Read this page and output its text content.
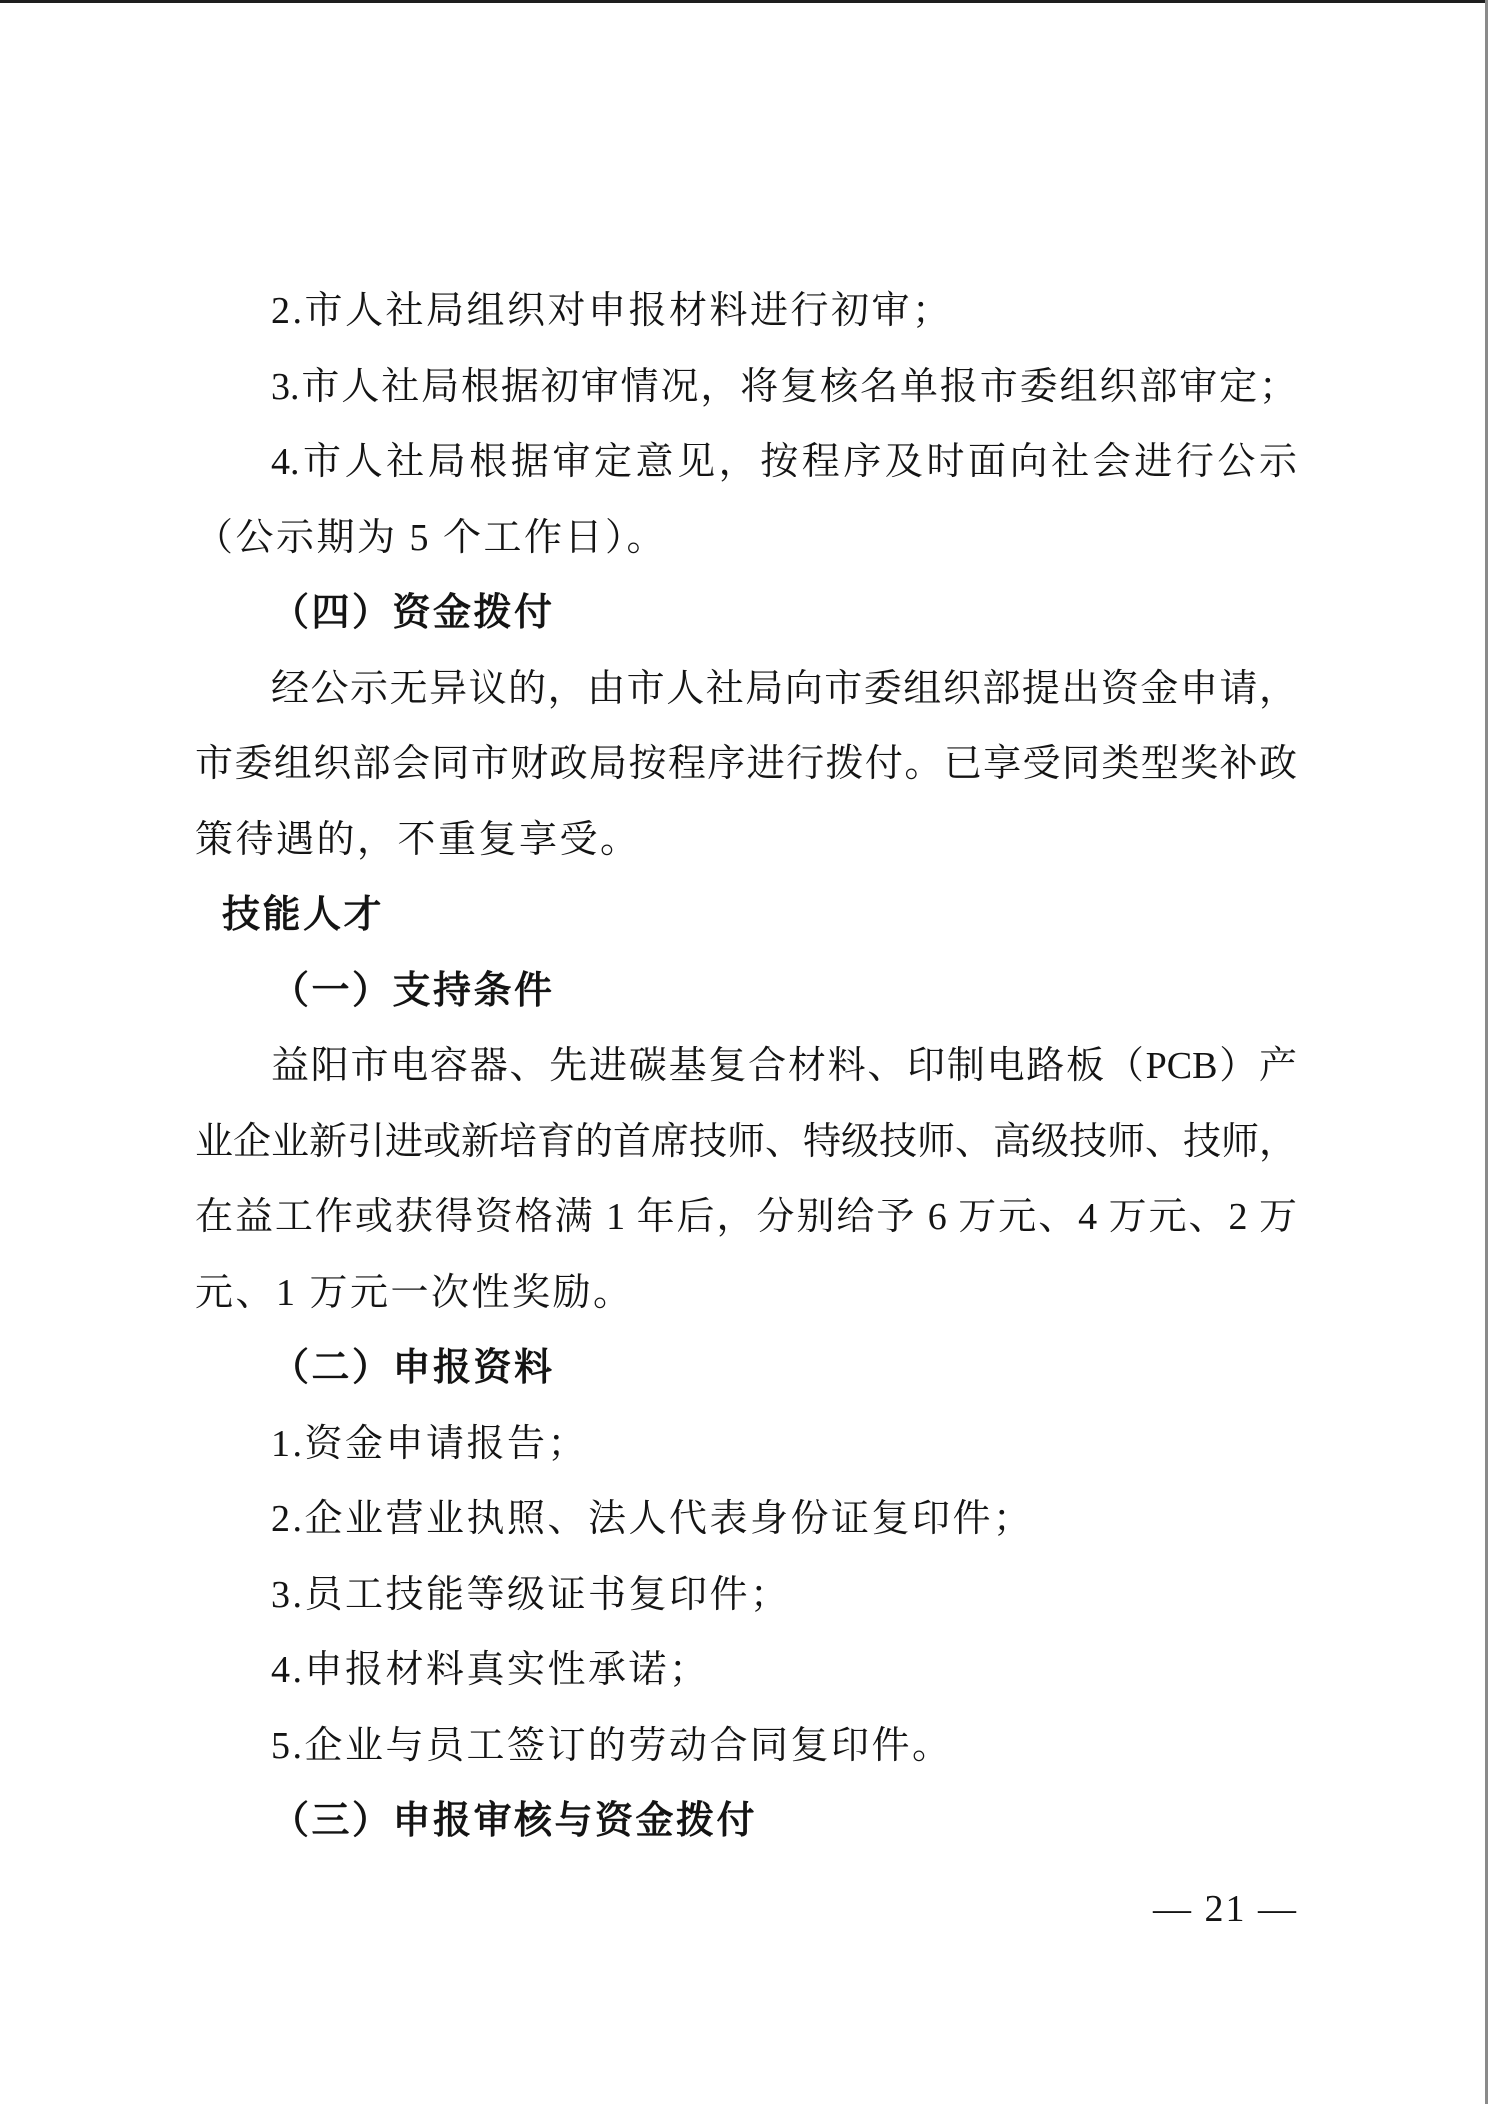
2.市人社局组织对申报材料进行初审；
3.市人社局根据初审情况，将复核名单报市委组织部审定；
4.市人社局根据审定意见，按程序及时面向社会进行公示
（公示期为 5 个工作日）。
（四）资金拨付
经公示无异议的，由市人社局向市委组织部提出资金申请，
市委组织部会同市财政局按程序进行拨付。已享受同类型奖补政
策待遇的，不重复享受。
技能人才
（一）支持条件
益阳市电容器、先进碳基复合材料、印制电路板（PCB）产
业企业新引进或新培育的首席技师、特级技师、高级技师、技师，
在益工作或获得资格满 1 年后，分别给予 6 万元、4 万元、2 万
元、1 万元一次性奖励。
（二）申报资料
1.资金申请报告；
2.企业营业执照、法人代表身份证复印件；
3.员工技能等级证书复印件；
4.申报材料真实性承诺；
5.企业与员工签订的劳动合同复印件。
（三）申报审核与资金拨付
— 21 —
